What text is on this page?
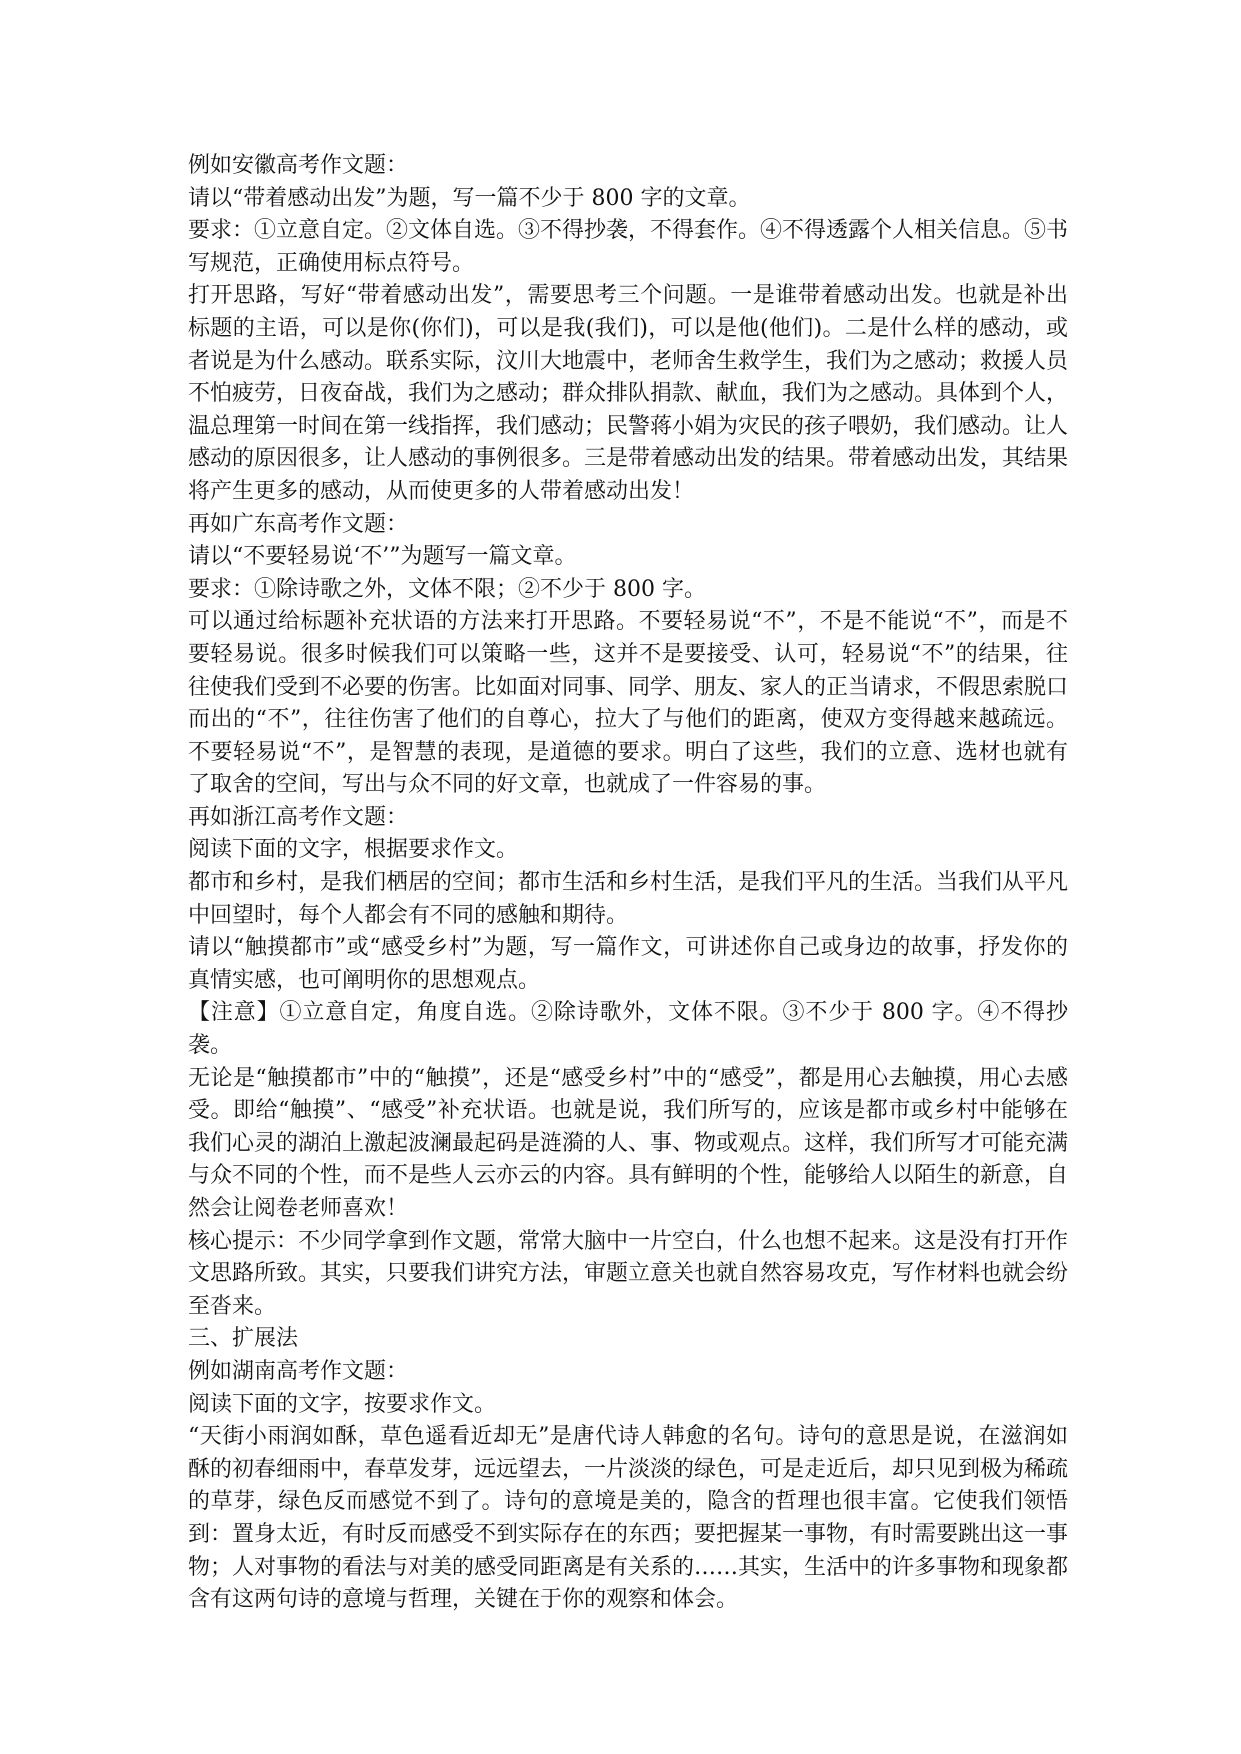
例如安徽高考作文题：

请以“带着感动出发”为题，写一篇不少于 800 字的文章。

要求：①立意自定。②文体自选。③不得抄袭，不得套作。④不得透露个人相关信息。⑤书写规范，正确使用标点符号。

打开思路，写好“带着感动出发”，需要思考三个问题。一是谁带着感动出发。也就是补出标题的主语，可以是你(你们)，可以是我(我们)，可以是他(他们)。二是什么样的感动，或者说是为什么感动。联系实际，汶川大地震中，老师舍生救学生，我们为之感动；救援人员不怕疲劳，日夜奋战，我们为之感动；群众排队捐款、献血，我们为之感动。具体到个人，温总理第一时间在第一线指挥，我们感动；民警蒋小娟为灾民的孩子喂奶，我们感动。让人感动的原因很多，让人感动的事例很多。三是带着感动出发的结果。带着感动出发，其结果将产生更多的感动，从而使更多的人带着感动出发！

再如广东高考作文题：

请以“不要轻易说‘不’”为题写一篇文章。

要求：①除诗歌之外，文体不限；②不少于 800 字。

可以通过给标题补充状语的方法来打开思路。不要轻易说“不”，不是不能说“不”，而是不要轻易说。很多时候我们可以策略一些，这并不是要接受、认可，轻易说“不”的结果，往往使我们受到不必要的伤害。比如面对同事、同学、朋友、家人的正当请求，不假思索脱口而出的“不”，往往伤害了他们的自尊心，拉大了与他们的距离，使双方变得越来越疏远。不要轻易说“不”，是智慧的表现，是道德的要求。明白了这些，我们的立意、选材也就有了取舍的空间，写出与众不同的好文章，也就成了一件容易的事。

再如浙江高考作文题：

阅读下面的文字，根据要求作文。

都市和乡村，是我们栖居的空间；都市生活和乡村生活，是我们平凡的生活。当我们从平凡中回望时，每个人都会有不同的感触和期待。

请以“触摸都市”或“感受乡村”为题，写一篇作文，可讲述你自己或身边的故事，抒发你的真情实感，也可阐明你的思想观点。

【注意】①立意自定，角度自选。②除诗歌外，文体不限。③不少于 800 字。④不得抄袭。

无论是“触摸都市”中的“触摸”，还是“感受乡村”中的“感受”，都是用心去触摸，用心去感受。即给“触摸”、“感受”补充状语。也就是说，我们所写的，应该是都市或乡村中能够在我们心灵的湖泊上激起波澜最起码是涟漪的人、事、物或观点。这样，我们所写才可能充满与众不同的个性，而不是些人云亦云的内容。具有鲜明的个性，能够给人以陌生的新意，自然会让阅卷老师喜欢！

核心提示：不少同学拿到作文题，常常大脑中一片空白，什么也想不起来。这是没有打开作文思路所致。其实，只要我们讲究方法，审题立意关也就自然容易攻克，写作材料也就会纷至沓来。

三、扩展法

例如湖南高考作文题：

阅读下面的文字，按要求作文。

“天街小雨润如酥，草色遥看近却无”是唐代诗人韩愈的名句。诗句的意思是说，在滋润如酥的初春细雨中，春草发芽，远远望去，一片淡淡的绿色，可是走近后，却只见到极为稀疏的草芽，绿色反而感觉不到了。诗句的意境是美的，隐含的哲理也很丰富。它使我们领悟到：置身太近，有时反而感受不到实际存在的东西；要把握某一事物，有时需要跳出这一事物；人对事物的看法与对美的感受同距离是有关系的……其实，生活中的许多事物和现象都含有这两句诗的意境与哲理，关键在于你的观察和体会。
